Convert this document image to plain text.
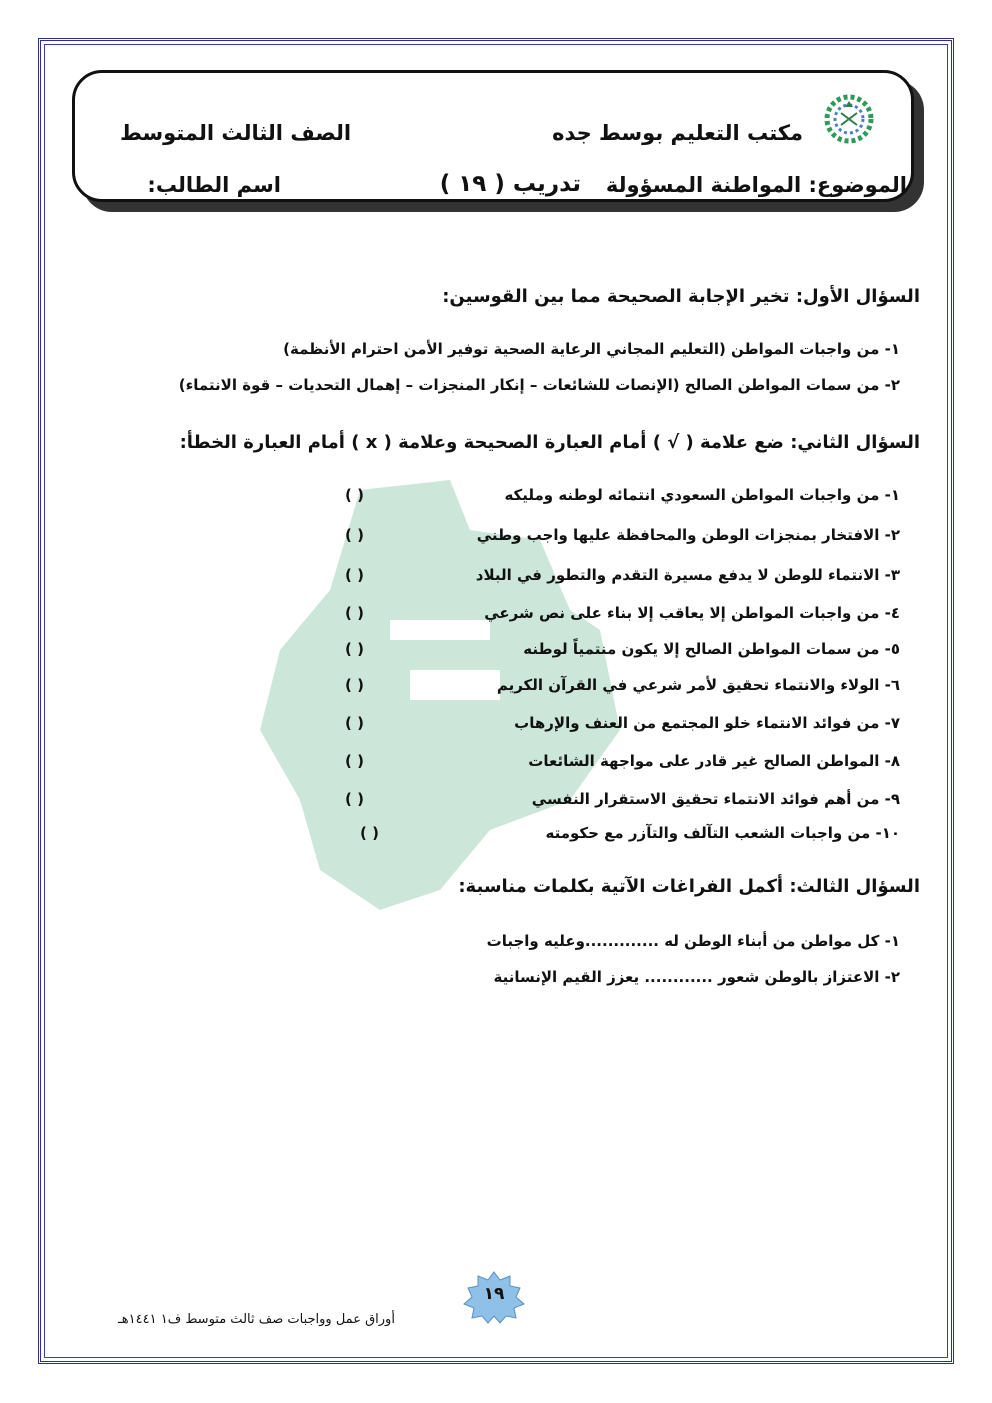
مكتب التعليم بوسط جده
الصف الثالث المتوسط
الموضوع: المواطنة المسؤولة
تدريب ( ١٩ )
اسم الطالب:
السؤال الأول: تخير الإجابة الصحيحة مما بين القوسين:
١- من واجبات المواطن (التعليم المجاني الرعاية الصحية توفير الأمن احترام الأنظمة)
٢- من سمات المواطن الصالح (الإنصات للشائعات – إنكار المنجزات – إهمال التحديات – قوة الانتماء)
السؤال الثاني: ضع علامة ( √ ) أمام العبارة الصحيحة وعلامة ( x ) أمام العبارة الخطأ:
١- من واجبات المواطن السعودي انتمائه لوطنه ومليكه
( )
٢- الافتخار بمنجزات الوطن والمحافظة عليها واجب وطني
( )
٣- الانتماء للوطن لا يدفع مسيرة التقدم والتطور في البلاد
( )
٤- من واجبات المواطن إلا يعاقب إلا بناء على نص شرعي
( )
٥- من سمات المواطن الصالح إلا يكون منتمياً لوطنه
( )
٦- الولاء والانتماء تحقيق لأمر شرعي في القرآن الكريم
( )
٧- من فوائد الانتماء خلو المجتمع من العنف والإرهاب
( )
٨- المواطن الصالح غير قادر على مواجهة الشائعات
( )
٩- من أهم فوائد الانتماء تحقيق الاستقرار النفسي
( )
١٠- من واجبات الشعب التآلف والتآزر مع حكومته
( )
السؤال الثالث: أكمل الفراغات الآتية بكلمات مناسبة:
١- كل مواطن من أبناء الوطن له .............وعليه واجبات
٢- الاعتزاز بالوطن شعور ............ يعزز القيم الإنسانية
١٩
أوراق عمل وواجبات صف ثالث متوسط ف١ ١٤٤١هـ
